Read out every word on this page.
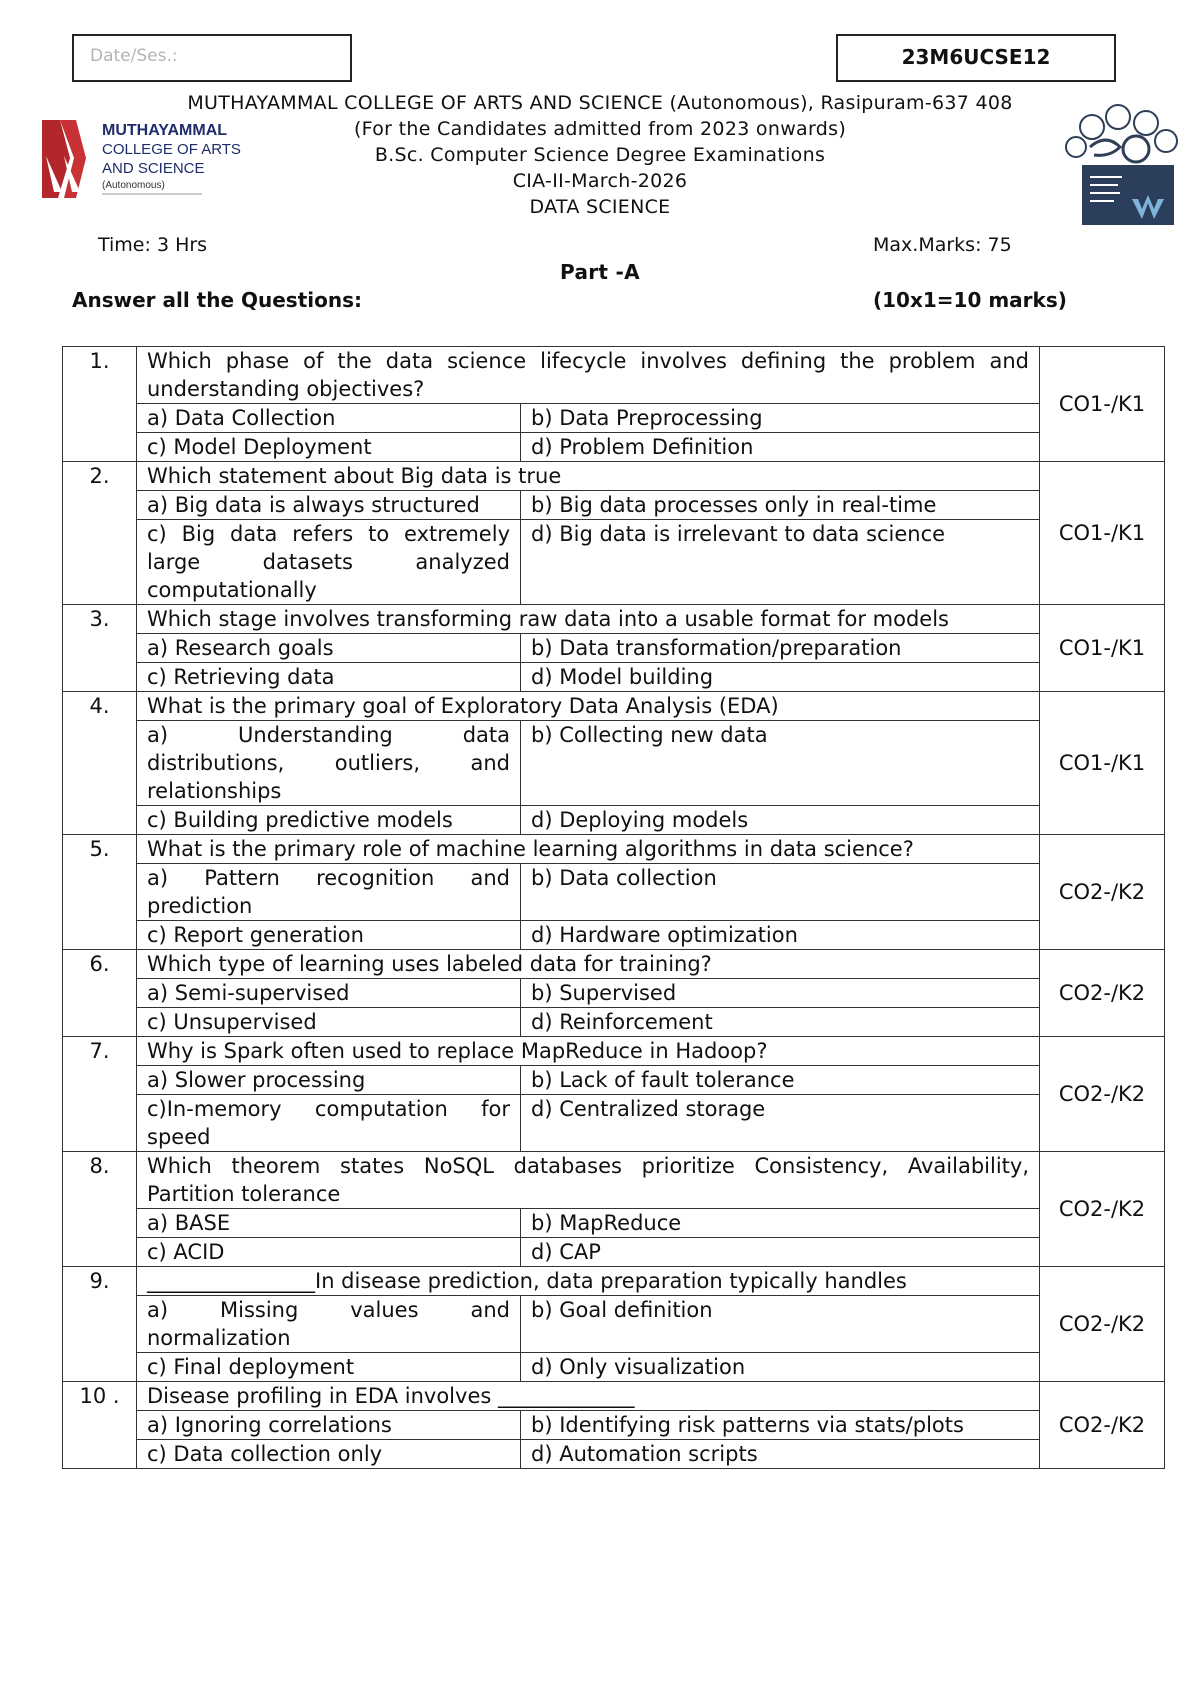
Date/Ses.:	23M6UCSE12
MUTHAYAMMAL
COLLEGE OF ARTS
AND SCIENCE
(Autonomous)
MUTHAYAMMAL COLLEGE OF ARTS AND SCIENCE (Autonomous), Rasipuram-637 408
(For the Candidates admitted from 2023 onwards)
B.Sc. Computer Science Degree Examinations
CIA-II-March-2026
DATA SCIENCE
Time: 3 Hrs	Max.Marks: 75
Part -A
Answer all the Questions:	(10x1=10 marks)
1.	Which phase of the data science lifecycle involves defining the problem and understanding objectives?		CO1-/K1
	a) Data Collection	b) Data Preprocessing	
	c) Model Deployment	d) Problem Definition	
2.	Which statement about Big data is true		CO1-/K1
	a) Big data is always structured	b) Big data processes only in real-time	
	c) Big data refers to extremely large datasets analyzed computationally	d) Big data is irrelevant to data science	
3.	Which stage involves transforming raw data into a usable format for models		CO1-/K1
	a) Research goals	b) Data transformation/preparation	
	c) Retrieving data	d) Model building	
4.	What is the primary goal of Exploratory Data Analysis (EDA)		CO1-/K1
	a) Understanding data distributions, outliers, and relationships	b) Collecting new data	
	c) Building predictive models	d) Deploying models	
5.	What is the primary role of machine learning algorithms in data science?		CO2-/K2
	a) Pattern recognition and prediction	b) Data collection	
	c) Report generation	d) Hardware optimization	
6.	Which type of learning uses labeled data for training?		CO2-/K2
	a) Semi-supervised	b) Supervised	
	c) Unsupervised	d) Reinforcement	
7.	Why is Spark often used to replace MapReduce in Hadoop?		CO2-/K2
	a) Slower processing	b) Lack of fault tolerance	
	c)In-memory computation for speed	d) Centralized storage	
8.	Which theorem states NoSQL databases prioritize Consistency, Availability, Partition tolerance		CO2-/K2
	a) BASE	b) MapReduce	
	c) ACID	d) CAP	
9.	________________In disease prediction, data preparation typically handles		CO2-/K2
	a) Missing values and normalization	b) Goal definition	
	c) Final deployment	d) Only visualization	
10 .	Disease profiling in EDA involves _____________		CO2-/K2
	a) Ignoring correlations	b) Identifying risk patterns via stats/plots	
	c) Data collection only	d) Automation scripts	
